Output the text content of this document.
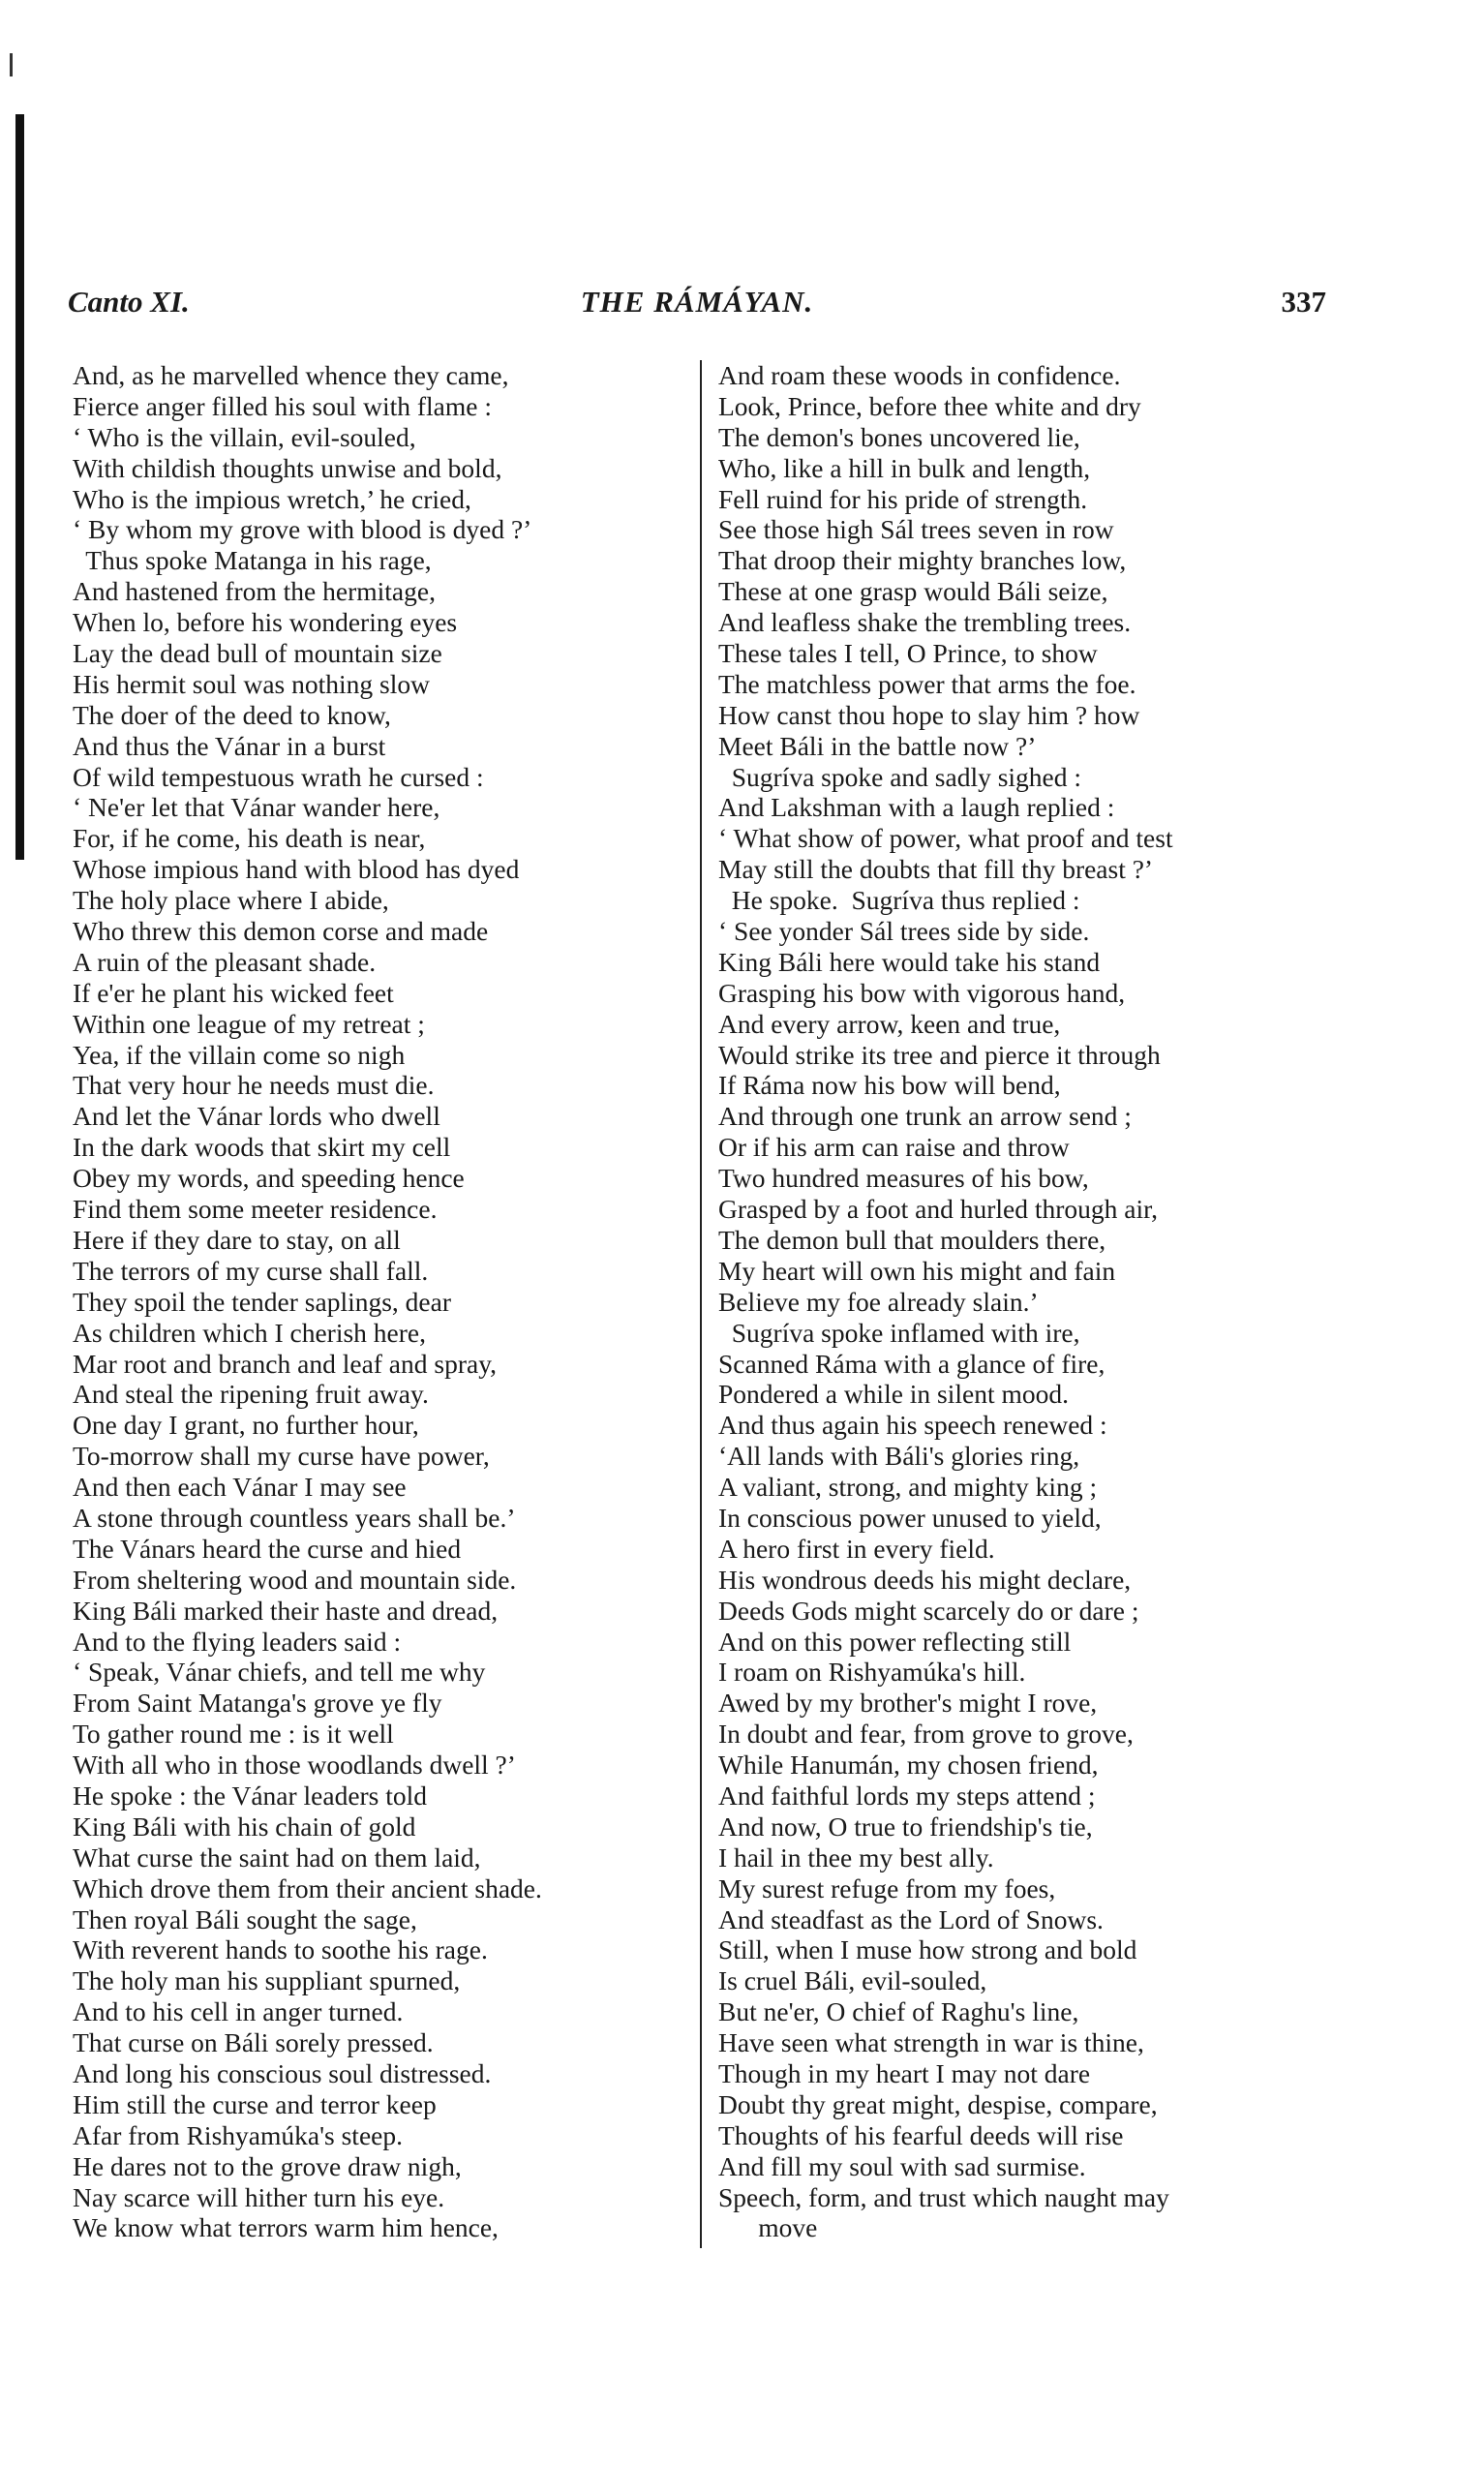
Canto XI.	THE RÁMÁYAN.	337
And, as he marvelled whence they came,
Fierce anger filled his soul with flame :
‘ Who is the villain, evil-souled,
With childish thoughts unwise and bold,
Who is the impious wretch,’ he cried,
‘ By whom my grove with blood is dyed ?’
Thus spoke Matanga in his rage,
And hastened from the hermitage,
When lo, before his wondering eyes
Lay the dead bull of mountain size
His hermit soul was nothing slow
The doer of the deed to know,
And thus the Vánar in a burst
Of wild tempestuous wrath he cursed :
‘ Ne'er let that Vánar wander here,
For, if he come, his death is near,
Whose impious hand with blood has dyed
The holy place where I abide,
Who threw this demon corse and made
A ruin of the pleasant shade.
If e'er he plant his wicked feet
Within one league of my retreat ;
Yea, if the villain come so nigh
That very hour he needs must die.
And let the Vánar lords who dwell
In the dark woods that skirt my cell
Obey my words, and speeding hence
Find them some meeter residence.
Here if they dare to stay, on all
The terrors of my curse shall fall.
They spoil the tender saplings, dear
As children which I cherish here,
Mar root and branch and leaf and spray,
And steal the ripening fruit away.
One day I grant, no further hour,
To-morrow shall my curse have power,
And then each Vánar I may see
A stone through countless years shall be.’
The Vánars heard the curse and hied
From sheltering wood and mountain side.
King Báli marked their haste and dread,
And to the flying leaders said :
‘ Speak, Vánar chiefs, and tell me why
From Saint Matanga's grove ye fly
To gather round me : is it well
With all who in those woodlands dwell ?’
He spoke : the Vánar leaders told
King Báli with his chain of gold
What curse the saint had on them laid,
Which drove them from their ancient shade.
Then royal Báli sought the sage,
With reverent hands to soothe his rage.
The holy man his suppliant spurned,
And to his cell in anger turned.
That curse on Báli sorely pressed.
And long his conscious soul distressed.
Him still the curse and terror keep
Afar from Rishyamúka's steep.
He dares not to the grove draw nigh,
Nay scarce will hither turn his eye.
We know what terrors warm him hence,
And roam these woods in confidence.
Look, Prince, before thee white and dry
The demon's bones uncovered lie,
Who, like a hill in bulk and length,
Fell ruind for his pride of strength.
See those high Sál trees seven in row
That droop their mighty branches low,
These at one grasp would Báli seize,
And leafless shake the trembling trees.
These tales I tell, O Prince, to show
The matchless power that arms the foe.
How canst thou hope to slay him ? how
Meet Báli in the battle now ?’
Sugríva spoke and sadly sighed :
And Lakshman with a laugh replied :
‘ What show of power, what proof and test
May still the doubts that fill thy breast ?’
He spoke.  Sugríva thus replied :
‘ See yonder Sál trees side by side.
King Báli here would take his stand
Grasping his bow with vigorous hand,
And every arrow, keen and true,
Would strike its tree and pierce it through
If Ráma now his bow will bend,
And through one trunk an arrow send ;
Or if his arm can raise and throw
Two hundred measures of his bow,
Grasped by a foot and hurled through air,
The demon bull that moulders there,
My heart will own his might and fain
Believe my foe already slain.’
Sugríva spoke inflamed with ire,
Scanned Ráma with a glance of fire,
Pondered a while in silent mood.
And thus again his speech renewed :
‘All lands with Báli's glories ring,
A valiant, strong, and mighty king ;
In conscious power unused to yield,
A hero first in every field.
His wondrous deeds his might declare,
Deeds Gods might scarcely do or dare ;
And on this power reflecting still
I roam on Rishyamúka's hill.
Awed by my brother's might I rove,
In doubt and fear, from grove to grove,
While Hanumán, my chosen friend,
And faithful lords my steps attend ;
And now, O true to friendship's tie,
I hail in thee my best ally.
My surest refuge from my foes,
And steadfast as the Lord of Snows.
Still, when I muse how strong and bold
Is cruel Báli, evil-souled,
But ne'er, O chief of Raghu's line,
Have seen what strength in war is thine,
Though in my heart I may not dare
Doubt thy great might, despise, compare,
Thoughts of his fearful deeds will rise
And fill my soul with sad surmise.
Speech, form, and trust which naught may
move
